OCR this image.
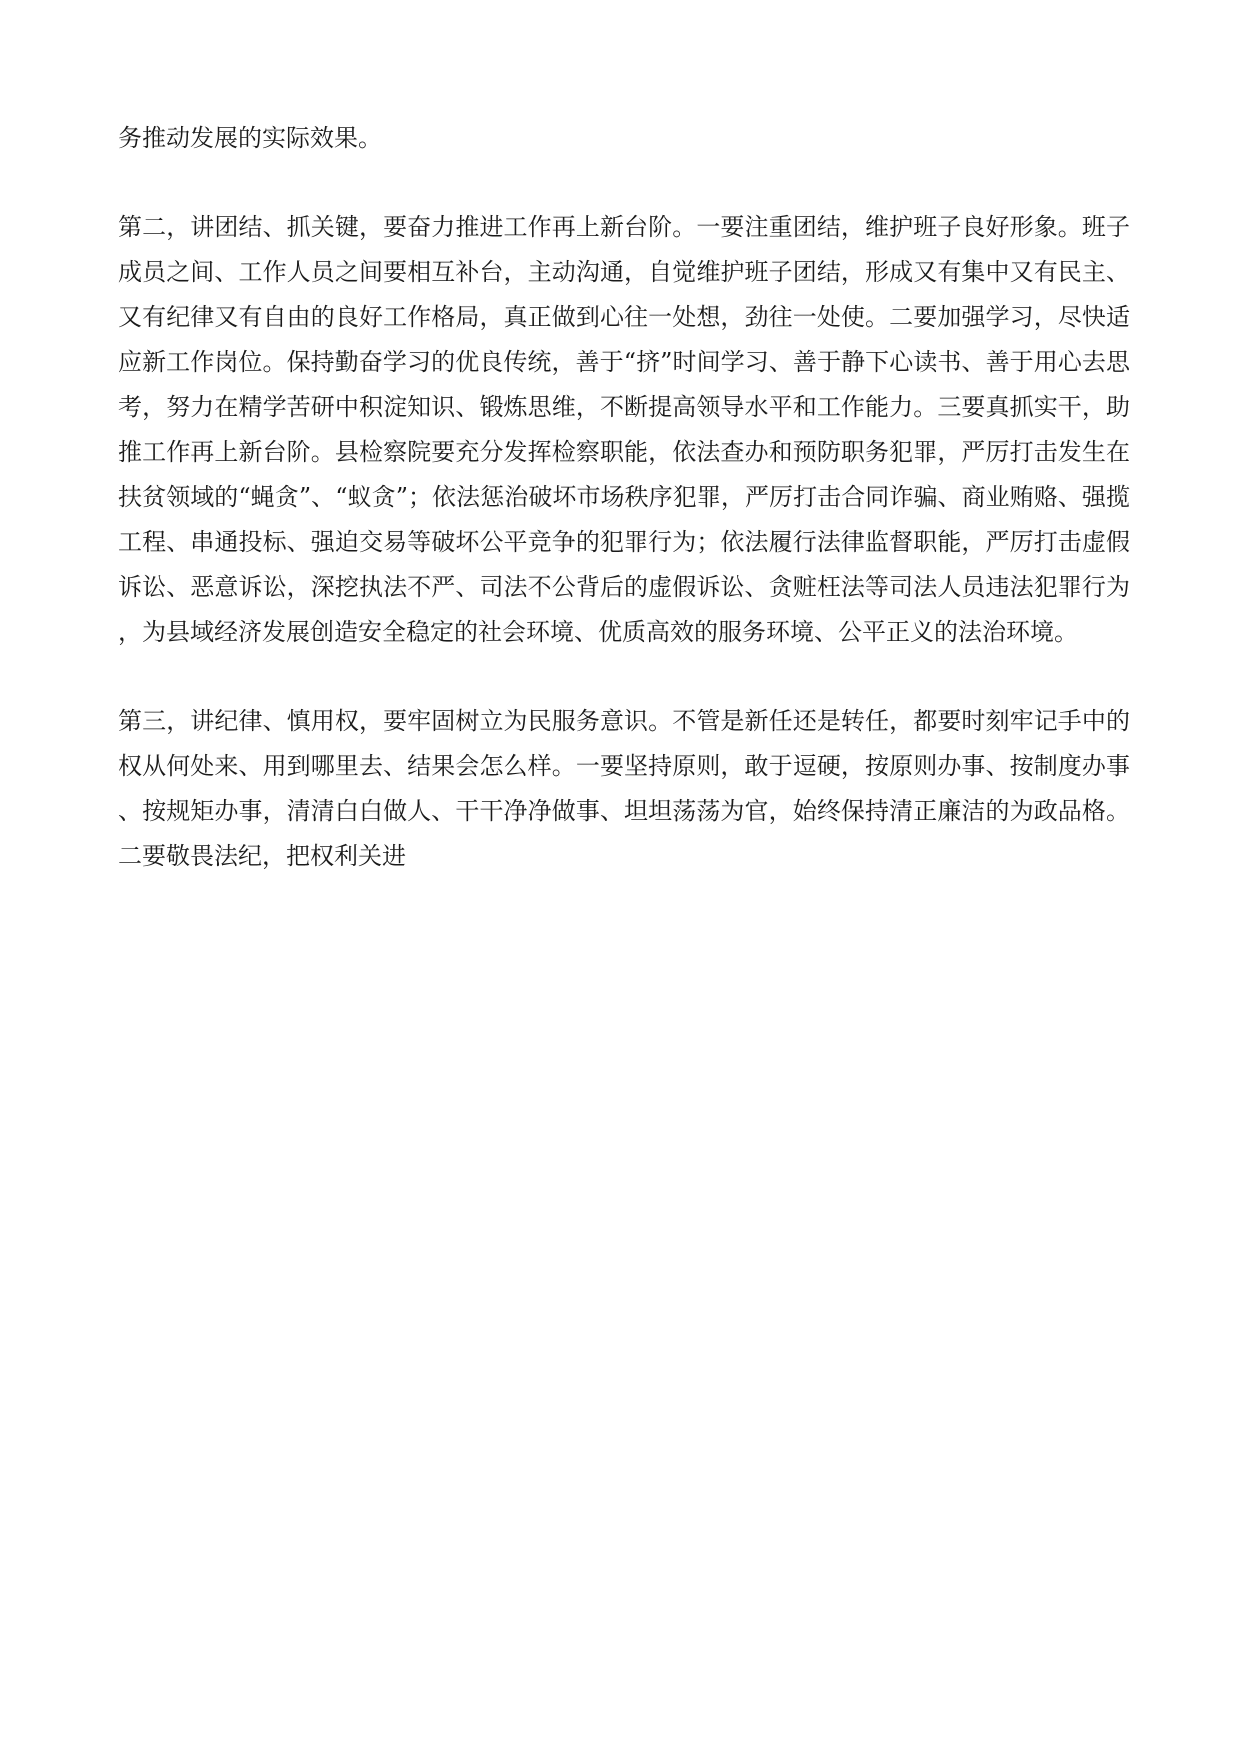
务推动发展的实际效果。

第二，讲团结、抓关键，要奋力推进工作再上新台阶。一要注重团结，维护班子良好形象。班子成员之间、工作人员之间要相互补台，主动沟通，自觉维护班子团结，形成又有集中又有民主、又有纪律又有自由的良好工作格局，真正做到心往一处想，劲往一处使。二要加强学习，尽快适应新工作岗位。保持勤奋学习的优良传统，善于“挤”时间学习、善于静下心读书、善于用心去思考，努力在精学苦研中积淀知识、锻炼思维，不断提高领导水平和工作能力。三要真抓实干，助推工作再上新台阶。县检察院要充分发挥检察职能，依法查办和预防职务犯罪，严厉打击发生在扶贫领域的“蝇贪”、“蚁贪”；依法惩治破坏市场秩序犯罪，严厉打击合同诈骗、商业贿赂、强揽工程、串通投标、强迫交易等破坏公平竞争的犯罪行为；依法履行法律监督职能，严厉打击虚假诉讼、恶意诉讼，深挖执法不严、司法不公背后的虚假诉讼、贪赃枉法等司法人员违法犯罪行为，为县域经济发展创造安全稳定的社会环境、优质高效的服务环境、公平正义的法治环境。

第三，讲纪律、慎用权，要牢固树立为民服务意识。不管是新任还是转任，都要时刻牢记手中的权从何处来、用到哪里去、结果会怎么样。一要坚持原则，敢于逗硬，按原则办事、按制度办事、按规矩办事，清清白白做人、干干净净做事、坦坦荡荡为官，始终保持清正廉洁的为政品格。二要敬畏法纪，把权利关进
